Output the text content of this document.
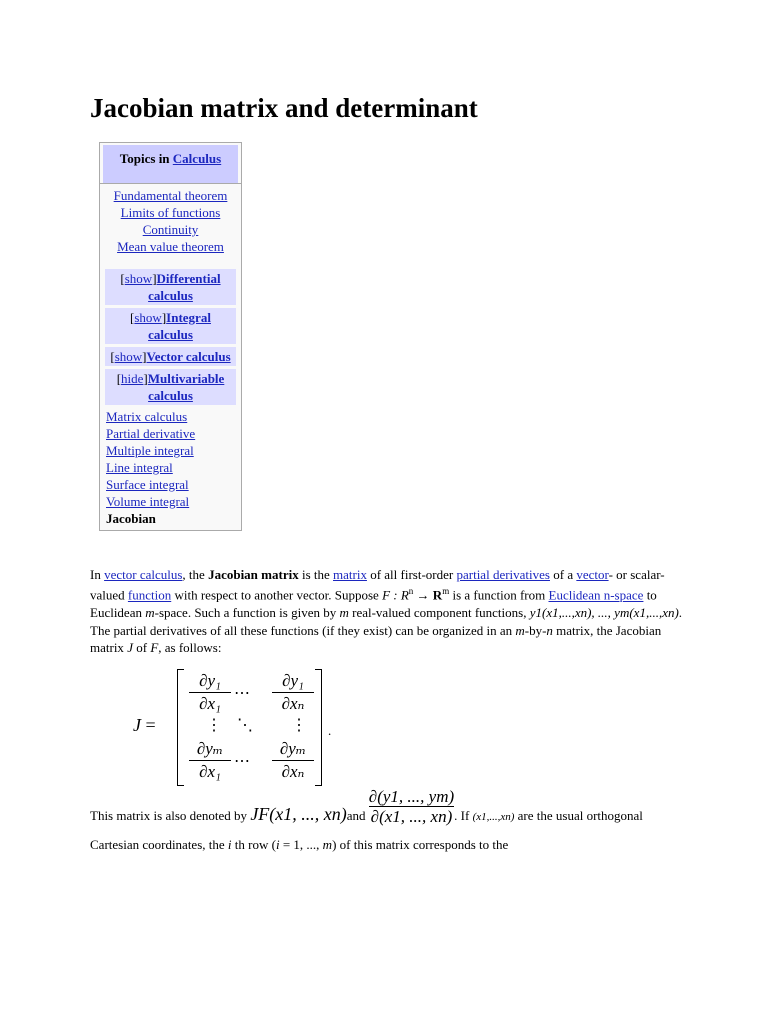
Jacobian matrix and determinant
Topics in
Calculus
Fundamental theorem
Limits of functions
Continuity
Mean value theorem
[show]Differential calculus
[show]Integral calculus
[show]Vector calculus
[hide]Multivariable calculus
Matrix calculus
Partial derivative
Multiple integral
Line integral
Surface integral
Volume integral
Jacobian

In vector calculus, the Jacobian matrix is the matrix of all first-order partial derivatives of a vector- or scalar-valued function with respect to another vector. Suppose F : $R^n \to R^m$ is a function from Euclidean n-space to Euclidean m-space. Such a function is given by m real-valued component functions, y1(x1,...,xn), ..., ym(x1,...,xn). The partial derivatives of all these functions (if they exist) can be organized in an m-by-n matrix, the Jacobian matrix J of F, as follows:

J =
∂y₁
∂x₁
⋯
∂y₁
∂xₙ
⋮ ⋱ ⋮
∂yₘ
∂x₁
⋯
∂yₘ
∂xₙ
.
This matrix is also denoted by JF(x1, ..., $xn)and \frac{\partial(y1, ..., ym)}{\partial(x1, ..., xn)}$. If (x1,...,xn) are the usual orthogonal Cartesian coordinates, the i th row (i = 1, ..., m) of this matrix corresponds to the
